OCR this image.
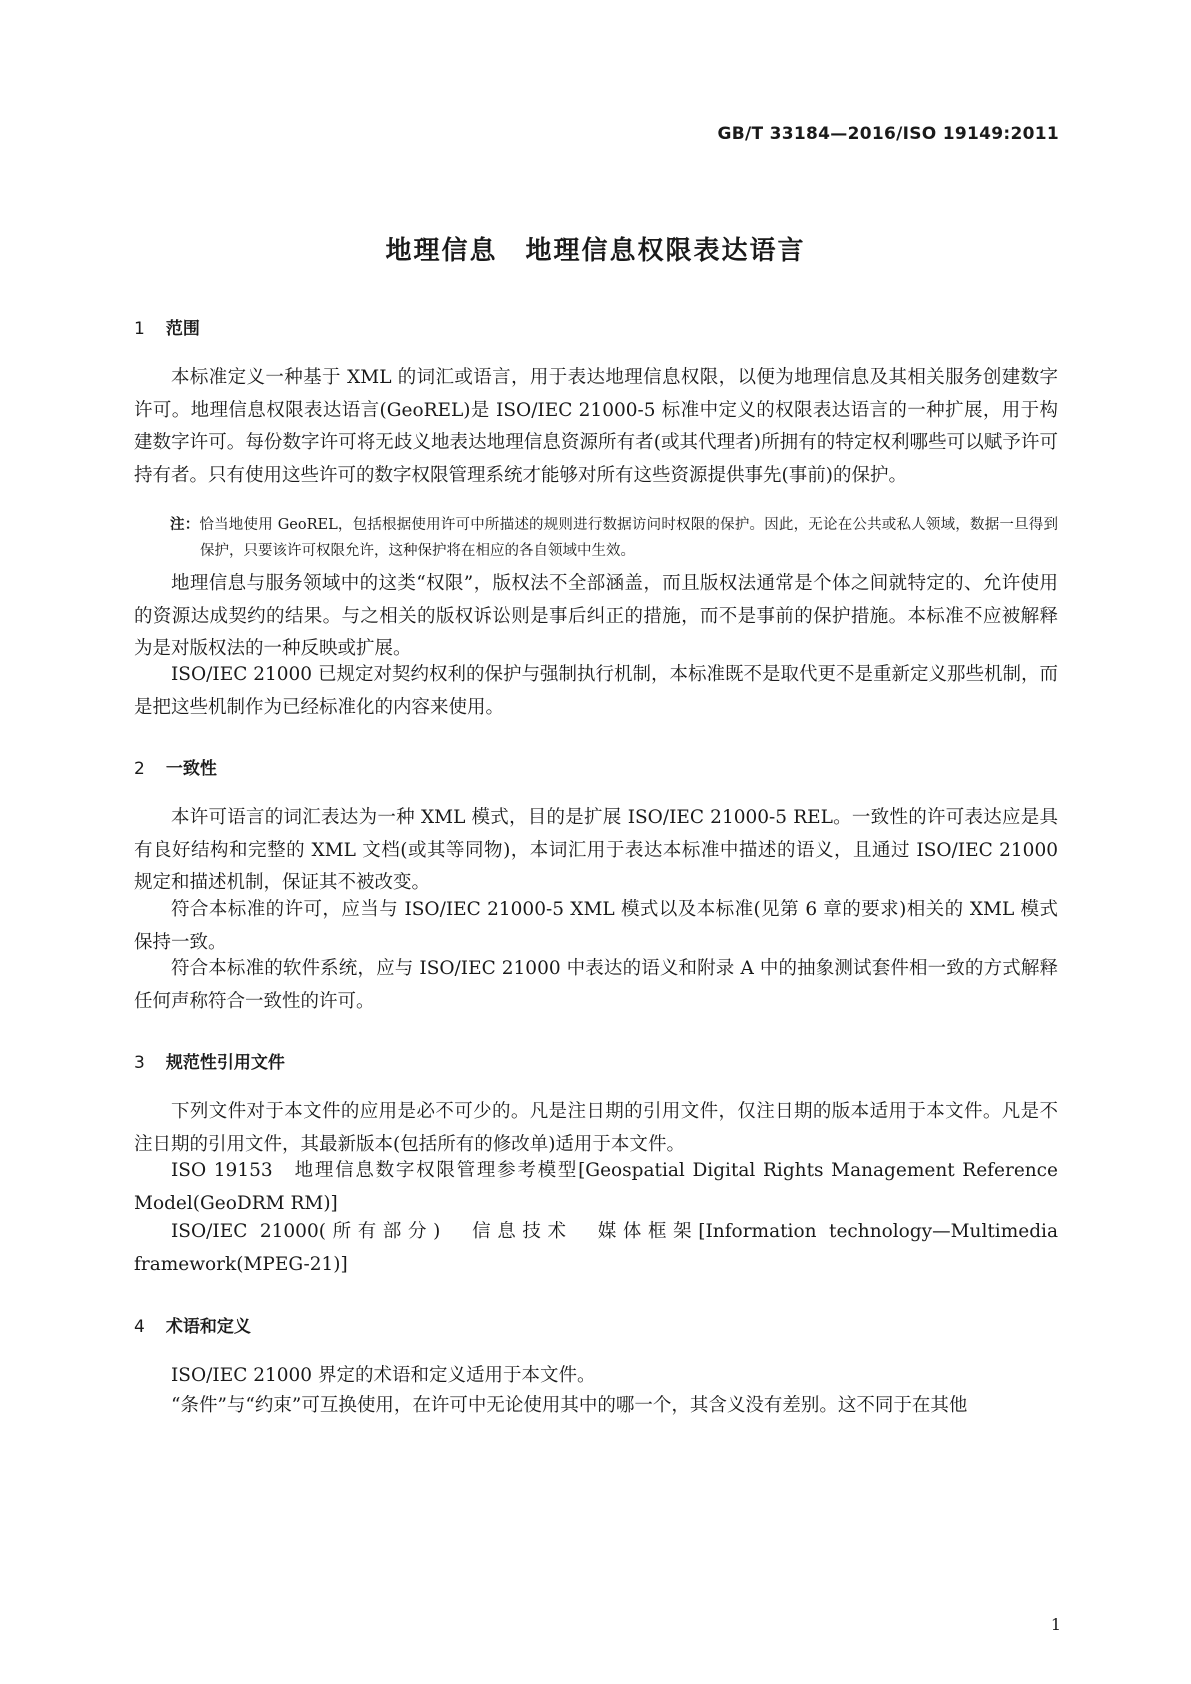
GB/T 33184—2016/ISO 19149:2011
地理信息　地理信息权限表达语言
1 范围

本标准定义一种基于 XML 的词汇或语言，用于表达地理信息权限，以便为地理信息及其相关服务创建数字许可。地理信息权限表达语言(GeoREL)是 ISO/IEC 21000-5 标准中定义的权限表达语言的一种扩展，用于构建数字许可。每份数字许可将无歧义地表达地理信息资源所有者(或其代理者)所拥有的特定权利哪些可以赋予许可持有者。只有使用这些许可的数字权限管理系统才能够对所有这些资源提供事先(事前)的保护。

注：恰当地使用 GeoREL，包括根据使用许可中所描述的规则进行数据访问时权限的保护。因此，无论在公共或私人领域，数据一旦得到保护，只要该许可权限允许，这种保护将在相应的各自领域中生效。

地理信息与服务领域中的这类“权限”，版权法不全部涵盖，而且版权法通常是个体之间就特定的、允许使用的资源达成契约的结果。与之相关的版权诉讼则是事后纠正的措施，而不是事前的保护措施。本标准不应被解释为是对版权法的一种反映或扩展。

ISO/IEC 21000 已规定对契约权利的保护与强制执行机制，本标准既不是取代更不是重新定义那些机制，而是把这些机制作为已经标准化的内容来使用。

2 一致性

本许可语言的词汇表达为一种 XML 模式，目的是扩展 ISO/IEC 21000-5 REL。一致性的许可表达应是具有良好结构和完整的 XML 文档(或其等同物)，本词汇用于表达本标准中描述的语义，且通过 ISO/IEC 21000 规定和描述机制，保证其不被改变。

符合本标准的许可，应当与 ISO/IEC 21000-5 XML 模式以及本标准(见第 6 章的要求)相关的 XML 模式保持一致。

符合本标准的软件系统，应与 ISO/IEC 21000 中表达的语义和附录 A 中的抽象测试套件相一致的方式解释任何声称符合一致性的许可。

3 规范性引用文件

下列文件对于本文件的应用是必不可少的。凡是注日期的引用文件，仅注日期的版本适用于本文件。凡是不注日期的引用文件，其最新版本(包括所有的修改单)适用于本文件。

ISO 19153　地理信息数字权限管理参考模型[Geospatial Digital Rights Management Reference Model(GeoDRM RM)]

ISO/IEC 21000(所有部分)　信息技术　媒体框架[Information technology—Multimedia framework(MPEG-21)]

4 术语和定义

ISO/IEC 21000 界定的术语和定义适用于本文件。

“条件”与“约束”可互换使用，在许可中无论使用其中的哪一个，其含义没有差别。这不同于在其他

1
